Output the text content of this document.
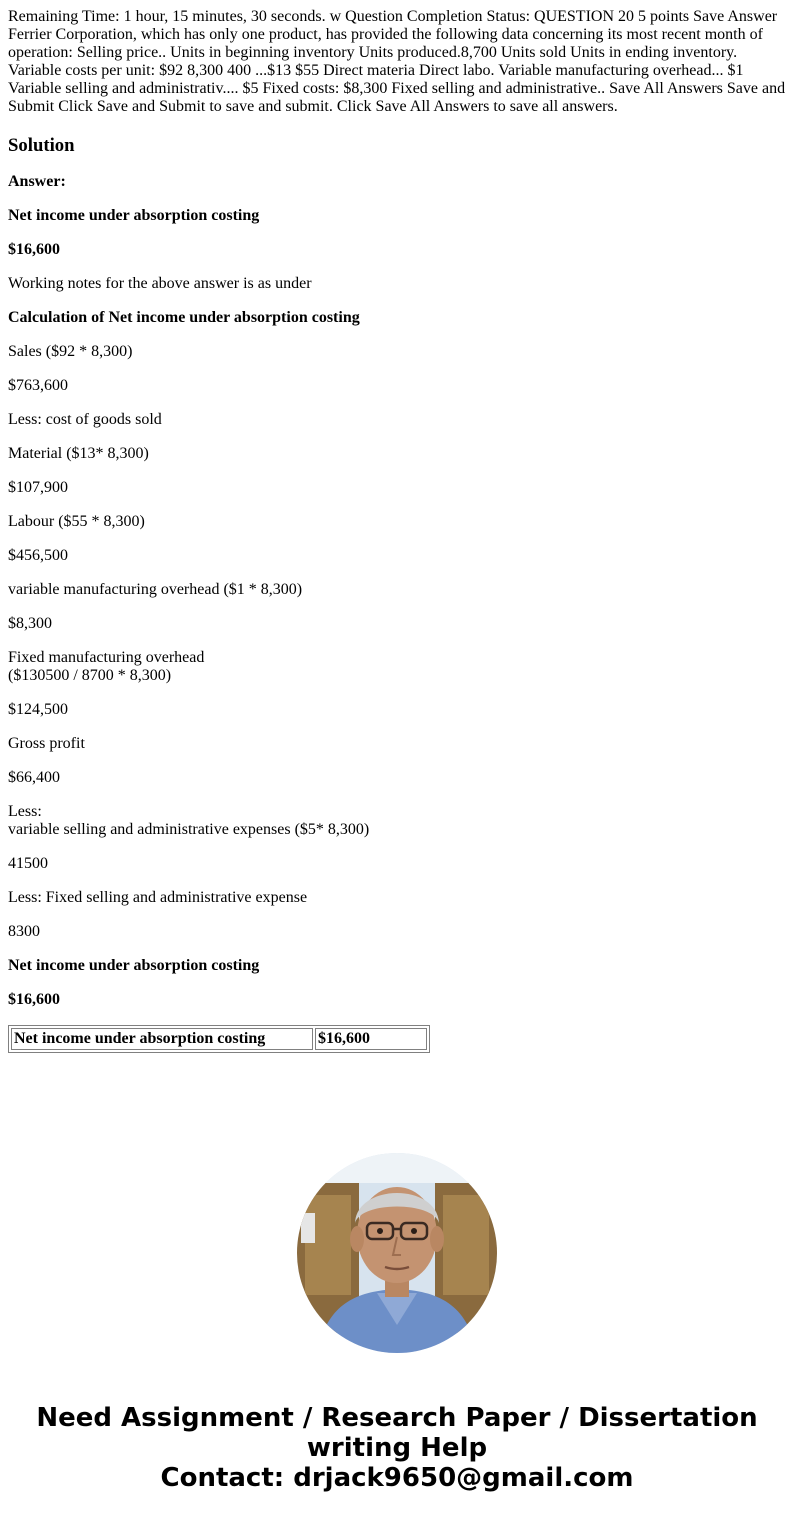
Remaining Time: 1 hour, 15 minutes, 30 seconds. w Question Completion Status: QUESTION 20 5 points Save Answer Ferrier Corporation, which has only one product, has provided the following data concerning its most recent month of operation: Selling price.. Units in beginning inventory Units produced.8,700 Units sold Units in ending inventory. Variable costs per unit: $92 8,300 400 ...$13 $55 Direct materia Direct labo. Variable manufacturing overhead... $1 Variable selling and administrativ.... $5 Fixed costs: $8,300 Fixed selling and administrative.. Save All Answers Save and Submit Click Save and Submit to save and submit. Click Save All Answers to save all answers.
Solution

Answer:

Net income under absorption costing

$16,600

Working notes for the above answer is as under

Calculation of Net income under absorption costing

Sales ($92 * 8,300)

$763,600

Less: cost of goods sold

Material ($13* 8,300)

$107,900

Labour ($55 * 8,300)

$456,500

variable manufacturing overhead ($1 * 8,300)

$8,300

Fixed manufacturing overhead
($130500 / 8700 * 8,300)

$124,500

Gross profit

$66,400

Less:
variable selling and administrative expenses ($5* 8,300)

41500

Less: Fixed selling and administrative expense

8300

Net income under absorption costing

$16,600

Net income under absorption costing	$16,600
Need Assignment / Research Paper / Dissertation
writing Help
Contact: drjack9650@gmail.com
